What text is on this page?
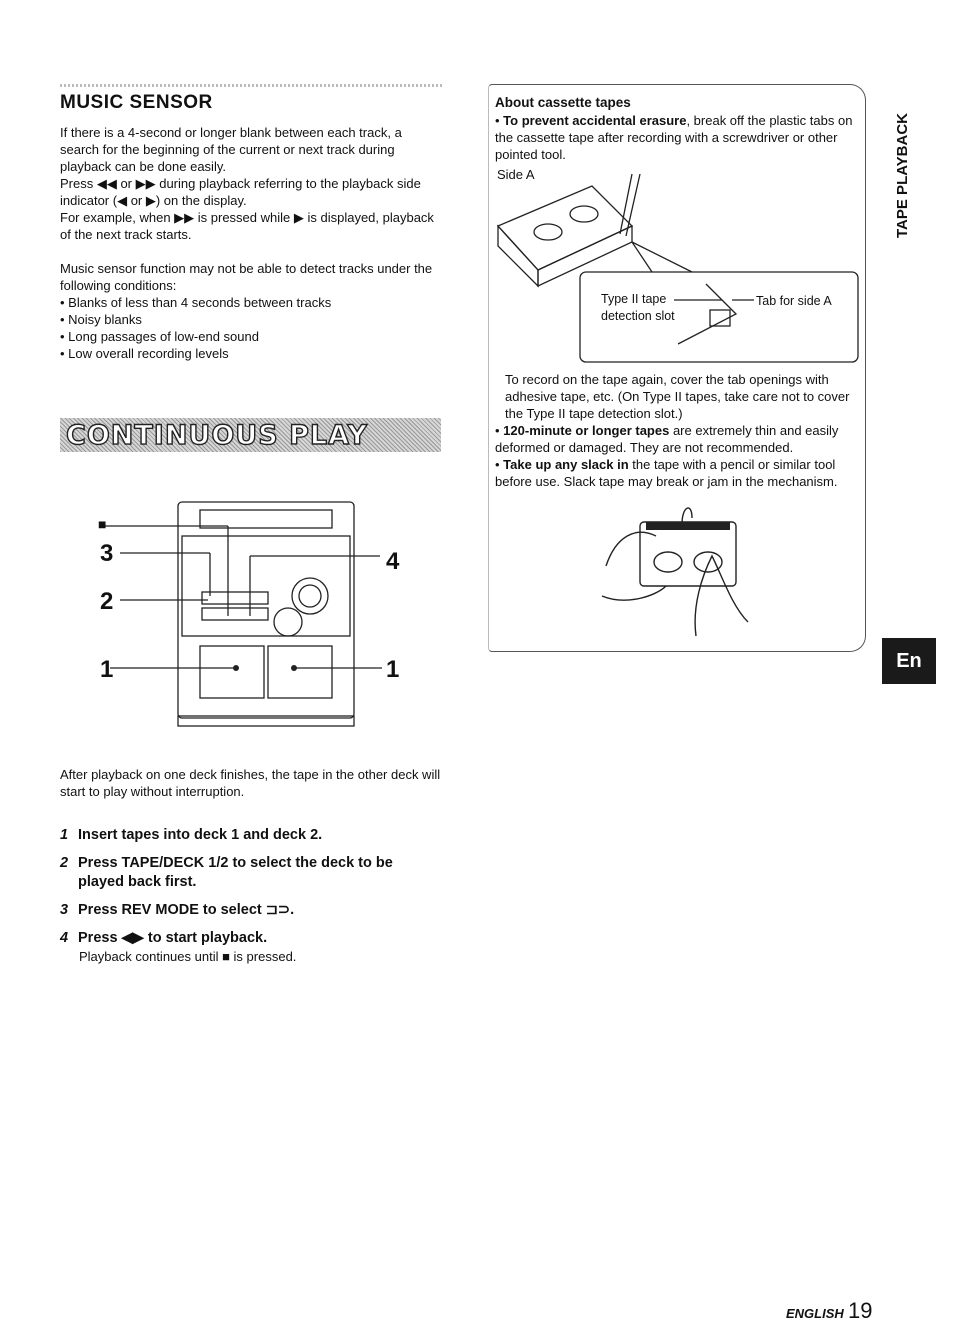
MUSIC SENSOR
If there is a 4-second or longer blank between each track, a search for the beginning of the current or next track during playback can be done easily.
Press ◀◀ or ▶▶ during playback referring to the playback side indicator (◀ or ▶) on the display.
For example, when ▶▶ is pressed while ▶ is displayed, playback of the next track starts.
Music sensor function may not be able to detect tracks under the following conditions:
• Blanks of less than 4 seconds between tracks
• Noisy blanks
• Long passages of low-end sound
• Low overall recording levels
CONTINUOUS PLAY
■
3
2
4
1	1
After playback on one deck finishes, the tape in the other deck will start to play without interruption.
1 Insert tapes into deck 1 and deck 2.
2 Press TAPE/DECK 1/2 to select the deck to be played back first.
3 Press REV MODE to select ⊐⊃.
4 Press ◀▶ to start playback.
Playback continues until ■ is pressed.
About cassette tapes
• To prevent accidental erasure, break off the plastic tabs on the cassette tape after recording with a screwdriver or other pointed tool.
Side A
Type II tape detection slot
Tab for side A
To record on the tape again, cover the tab openings with adhesive tape, etc. (On Type II tapes, take care not to cover the Type II tape detection slot.)
• 120-minute or longer tapes are extremely thin and easily deformed or damaged. They are not recommended.
• Take up any slack in the tape with a pencil or similar tool before use. Slack tape may break or jam in the mechanism.
TAPE PLAYBACK
En
ENGLISH 19
